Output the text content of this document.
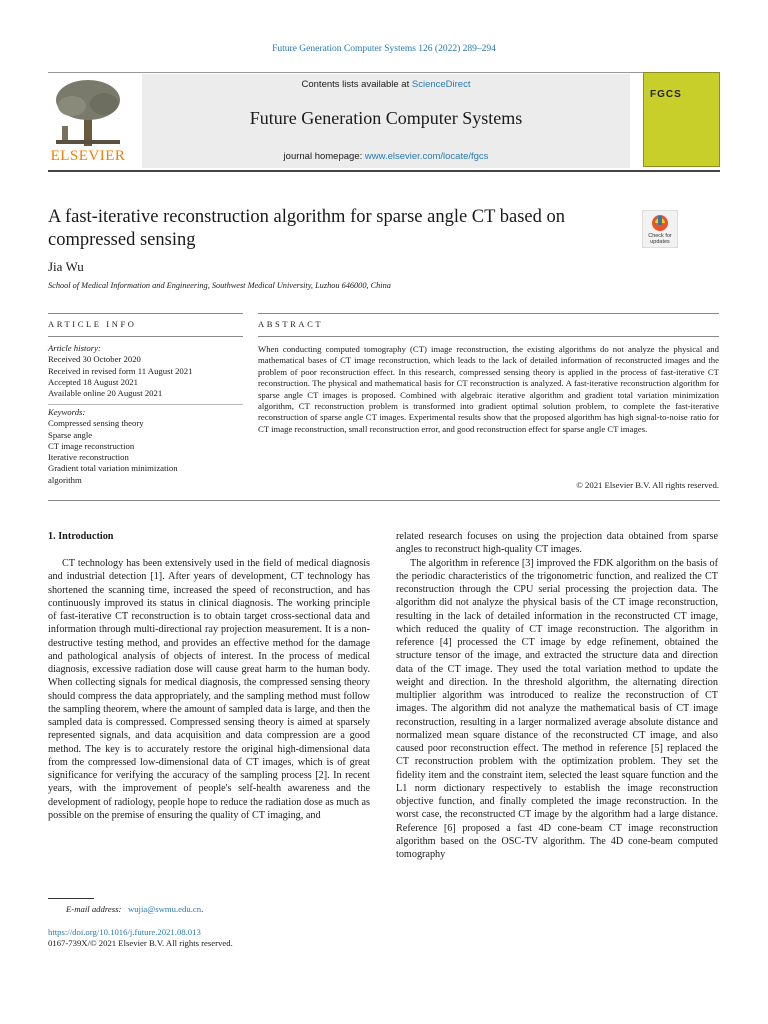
Future Generation Computer Systems 126 (2022) 289–294
ELSEVIER
Contents lists available at ScienceDirect
Future Generation Computer Systems
journal homepage: www.elsevier.com/locate/fgcs
FGCS
A fast-iterative reconstruction algorithm for sparse angle CT based on compressed sensing	Check for updates
Jia Wu
School of Medical Information and Engineering, Southwest Medical University, Luzhou 646000, China
ARTICLE INFO
Article history:
Received 30 October 2020
Received in revised form 11 August 2021
Accepted 18 August 2021
Available online 20 August 2021
Keywords:
Compressed sensing theory
Sparse angle
CT image reconstruction
Iterative reconstruction
Gradient total variation minimization
algorithm
ABSTRACT
When conducting computed tomography (CT) image reconstruction, the existing algorithms do not analyze the physical and mathematical bases of CT image reconstruction, which leads to the lack of detailed information of reconstructed images and the problem of poor reconstruction effect. In this research, compressed sensing theory is applied in the process of fast-iterative CT reconstruction. The physical and mathematical basis for CT reconstruction is analyzed. A fast-iterative reconstruction algorithm for sparse angle CT images is proposed. Combined with algebraic iterative algorithm and gradient total variation minimization algorithm, CT reconstruction problem is transformed into gradient optimal solution problem, to complete the fast-iterative reconstruction of sparse angle CT images. Experimental results show that the proposed algorithm has high signal-to-noise ratio for CT image reconstruction, small reconstruction error, and good reconstruction effect for sparse angle CT images.
© 2021 Elsevier B.V. All rights reserved.
1. Introduction

CT technology has been extensively used in the field of medical diagnosis and industrial detection [1]. After years of development, CT technology has shortened the scanning time, increased the speed of reconstruction, and has continuously improved its status in clinical diagnosis. The working principle of fast-iterative CT reconstruction is to obtain target cross-sectional data and information through multi-directional ray projection measurement. It is a non-destructive testing method, and provides an effective method for the damage and pathological analysis of objects of interest. In the process of medical diagnosis, excessive radiation dose will cause great harm to the human body. When collecting signals for medical diagnosis, the compressed sensing theory should compress the data appropriately, and the sampling method must follow the sampling theorem, where the amount of sampled data is large, and then the sampled data is compressed. Compressed sensing theory is aimed at sparsely represented signals, and data acquisition and data compression are a good method. The key is to accurately restore the original high-dimensional data from the compressed low-dimensional data of CT images, which is of great significance for verifying the accuracy of the sampling process [2]. In recent years, with the improvement of people's self-health awareness and the development of radiology, people hope to reduce the radiation dose as much as possible on the premise of ensuring the quality of CT imaging, and

related research focuses on using the projection data obtained from sparse angles to reconstruct high-quality CT images.

The algorithm in reference [3] improved the FDK algorithm on the basis of the periodic characteristics of the trigonometric function, and realized the CT reconstruction through the CPU serial processing the projection data. The algorithm did not analyze the physical basis of the CT image reconstruction, resulting in the lack of detailed information in the reconstructed CT image, which reduced the quality of CT image reconstruction. The algorithm in reference [4] processed the CT image by edge refinement, obtained the structure tensor of the image, and extracted the structure data and direction data of the CT image. They used the total variation method to update the weight and direction. In the threshold algorithm, the alternating direction multiplier algorithm was introduced to realize the reconstruction of CT images. The algorithm did not analyze the mathematical basis of CT image reconstruction, resulting in a larger normalized average absolute distance and normalized mean square distance of the reconstructed CT image, and also caused poor reconstruction effect. The method in reference [5] replaced the CT reconstruction problem with the optimization problem. They set the fidelity item and the constraint item, selected the least square function and the L1 norm dictionary respectively to establish the image reconstruction objective function, and finally completed the image reconstruction. In the worst case, the reconstructed CT image by the algorithm had a large distance. Reference [6] proposed a fast 4D cone-beam CT image reconstruction algorithm based on the OSC-TV algorithm. The 4D cone-beam computed tomography

E-mail address: wujia@swmu.edu.cn.
https://doi.org/10.1016/j.future.2021.08.013
0167-739X/© 2021 Elsevier B.V. All rights reserved.
